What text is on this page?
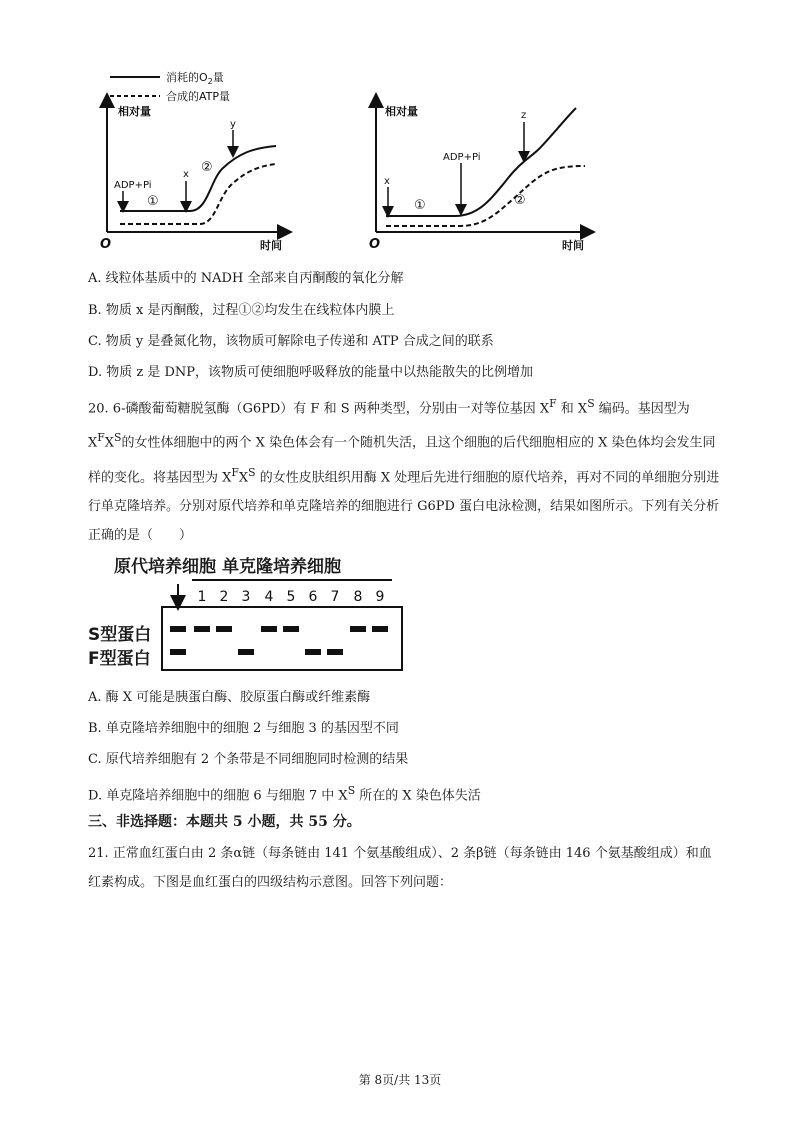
消耗的$O_2$量
合成的ATP量
相对量
时间
O
ADP+Pi
x
y
①
②
相对量
时间
O
x
ADP+Pi
z
①	②
A. 线粒体基质中的 NADH 全部来自丙酮酸的氧化分解
B. 物质 x 是丙酮酸，过程①②均发生在线粒体内膜上
C. 物质 y 是叠氮化物，该物质可解除电子传递和 ATP 合成之间的联系
D. 物质 z 是 DNP，该物质可使细胞呼吸释放的能量中以热能散失的比例增加
20. 6-磷酸葡萄糖脱氢酶（G6PD）有 F 和 S 两种类型，分别由一对等位基因 $X^F$ 和 $X^S$ 编码。基因型为 $X^FX^S$的女性体细胞中的两个 X 染色体会有一个随机失活，且这个细胞的后代细胞相应的 X 染色体均会发生同样的变化。将基因型为 $X^FX^S$ 的女性皮肤组织用酶 X 处理后先进行细胞的原代培养，再对不同的单细胞分别进行单克隆培养。分别对原代培养和单克隆培养的细胞进行 G6PD 蛋白电泳检测，结果如图所示。下列有关分析正确的是（　　）
原代培养细胞 单克隆培养细胞
1 2 3 4 5 6 7 8 9
S型蛋白
F型蛋白
A. 酶 X 可能是胰蛋白酶、胶原蛋白酶或纤维素酶
B. 单克隆培养细胞中的细胞 2 与细胞 3 的基因型不同
C. 原代培养细胞有 2 个条带是不同细胞同时检测的结果
D. 单克隆培养细胞中的细胞 6 与细胞 7 中 $X^S$ 所在的 X 染色体失活
三、非选择题：本题共 5 小题，共 55 分。
21. 正常血红蛋白由 2 条α链（每条链由 141 个氨基酸组成）、2 条β链（每条链由 146 个氨基酸组成）和血红素构成。下图是血红蛋白的四级结构示意图。回答下列问题：
第 8页/共 13页
